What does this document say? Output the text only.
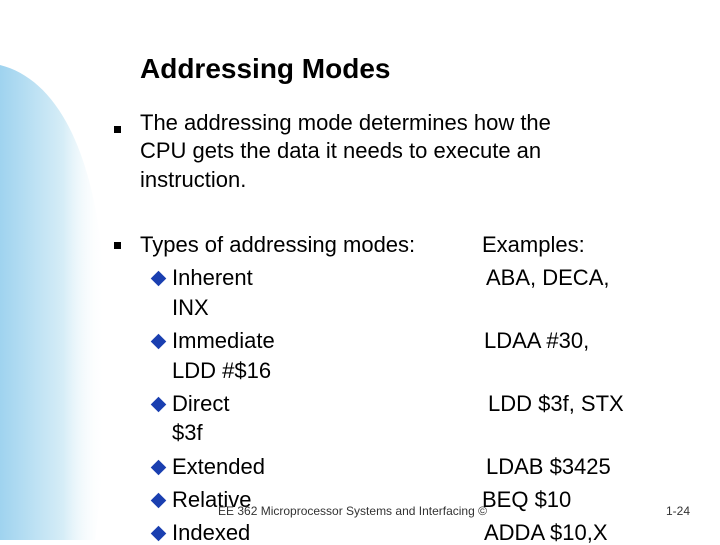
Addressing Modes
The addressing mode determines how the
CPU gets the data it needs to execute an
instruction.
Types of addressing modes:	Examples:
Inherent	ABA, DECA,
INX
Immediate	LDAA #30,
LDD #$16
Direct	LDD $3f, STX
$3f
Extended	LDAB $3425
Relative	BEQ $10
Indexed	ADDA $10,X
EE 362 Microprocessor Systems and Interfacing ©	1-24
